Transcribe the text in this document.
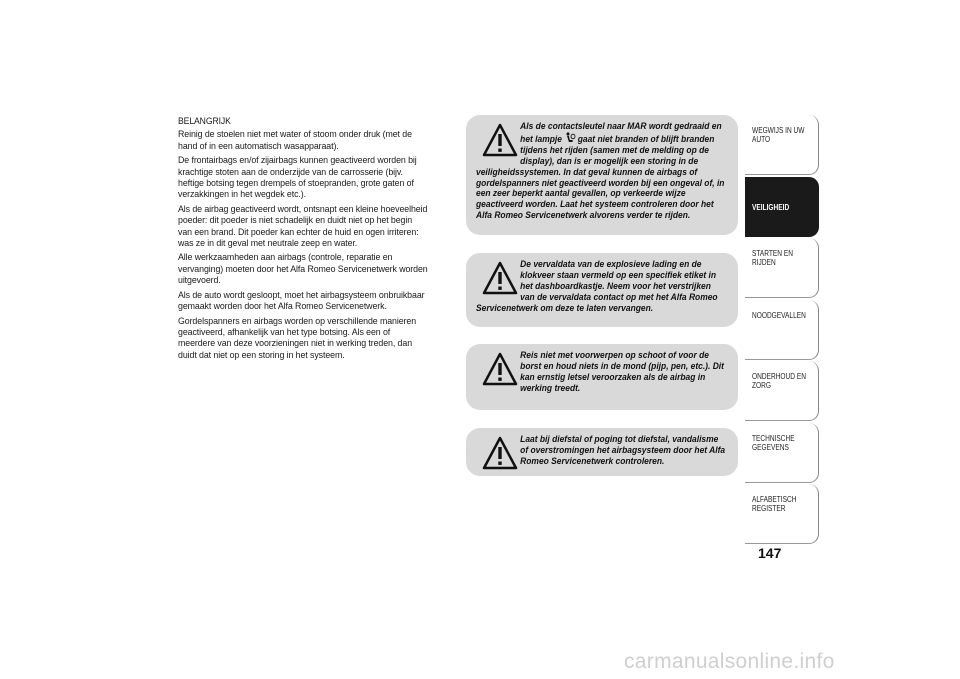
BELANGRIJK

Reinig de stoelen niet met water of stoom onder druk (met de hand of in een automatisch wasapparaat).

De frontairbags en/of zijairbags kunnen geactiveerd worden bij krachtige stoten aan de onderzijde van de carrosserie (bijv. heftige botsing tegen drempels of stoepranden, grote gaten of verzakkingen in het wegdek etc.).

Als de airbag geactiveerd wordt, ontsnapt een kleine hoeveelheid poeder: dit poeder is niet schadelijk en duidt niet op het begin van een brand. Dit poeder kan echter de huid en ogen irriteren: was ze in dit geval met neutrale zeep en water.

Alle werkzaamheden aan airbags (controle, reparatie en vervanging) moeten door het Alfa Romeo Servicenetwerk worden uitgevoerd.

Als de auto wordt gesloopt, moet het airbagsysteem onbruikbaar gemaakt worden door het Alfa Romeo Servicenetwerk.

Gordelspanners en airbags worden op verschillende manieren geactiveerd, afhankelijk van het type botsing. Als een of meerdere van deze voorzieningen niet in werking treden, dan duidt dat niet op een storing in het systeem.

Als de contactsleutel naar MAR wordt gedraaid en het lampje gaat niet branden of blijft branden tijdens het rijden (samen met de melding op de display), dan is er mogelijk een storing in de veiligheidssystemen. In dat geval kunnen de airbags of gordelspanners niet geactiveerd worden bij een ongeval of, in een zeer beperkt aantal gevallen, op verkeerde wijze geactiveerd worden. Laat het systeem controleren door het Alfa Romeo Servicenetwerk alvorens verder te rijden.
De vervaldata van de explosieve lading en de klokveer staan vermeld op een specifiek etiket in het dashboardkastje. Neem voor het verstrijken van de vervaldata contact op met het Alfa Romeo Servicenetwerk om deze te laten vervangen.
Reis niet met voorwerpen op schoot of voor de borst en houd niets in de mond (pijp, pen, etc.). Dit kan ernstig letsel veroorzaken als de airbag in werking treedt.
Laat bij diefstal of poging tot diefstal, vandalisme of overstromingen het airbagsysteem door het Alfa Romeo Servicenetwerk controleren.
WEGWIJS IN UW AUTO
VEILIGHEID
STARTEN EN RIJDEN
NOODGEVALLEN
ONDERHOUD EN ZORG
TECHNISCHE GEGEVENS
ALFABETISCH REGISTER
147
carmanualsonline.info
